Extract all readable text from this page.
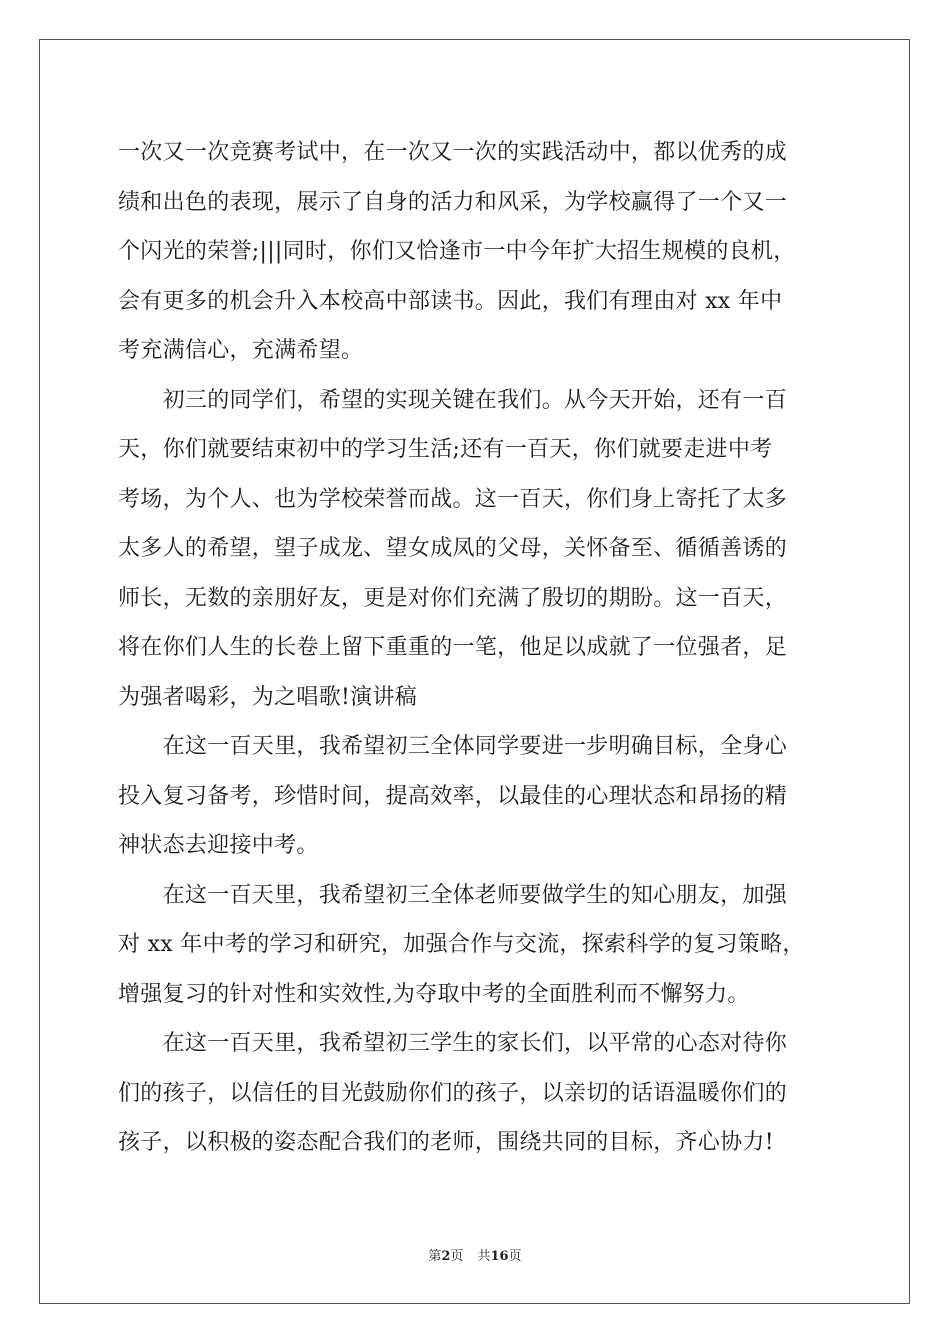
一次又一次竞赛考试中，在一次又一次的实践活动中，都以优秀的成
绩和出色的表现，展示了自身的活力和风采，为学校赢得了一个又一
个闪光的荣誉;|||同时，你们又恰逢市一中今年扩大招生规模的良机，
会有更多的机会升入本校高中部读书。因此，我们有理由对 xx 年中
考充满信心，充满希望。
　　初三的同学们，希望的实现关键在我们。从今天开始，还有一百
天，你们就要结束初中的学习生活;还有一百天，你们就要走进中考
考场，为个人、也为学校荣誉而战。这一百天，你们身上寄托了太多
太多人的希望，望子成龙、望女成凤的父母，关怀备至、循循善诱的
师长，无数的亲朋好友，更是对你们充满了殷切的期盼。这一百天，
将在你们人生的长卷上留下重重的一笔，他足以成就了一位强者，足
为强者喝彩，为之唱歌!演讲稿
　　在这一百天里，我希望初三全体同学要进一步明确目标，全身心
投入复习备考，珍惜时间，提高效率，以最佳的心理状态和昂扬的精
神状态去迎接中考。
　　在这一百天里，我希望初三全体老师要做学生的知心朋友，加强
对 xx 年中考的学习和研究，加强合作与交流，探索科学的复习策略，
增强复习的针对性和实效性,为夺取中考的全面胜利而不懈努力。
　　在这一百天里，我希望初三学生的家长们，以平常的心态对待你
们的孩子，以信任的目光鼓励你们的孩子，以亲切的话语温暖你们的
孩子，以积极的姿态配合我们的老师，围绕共同的目标，齐心协力!
第2页 共16页
